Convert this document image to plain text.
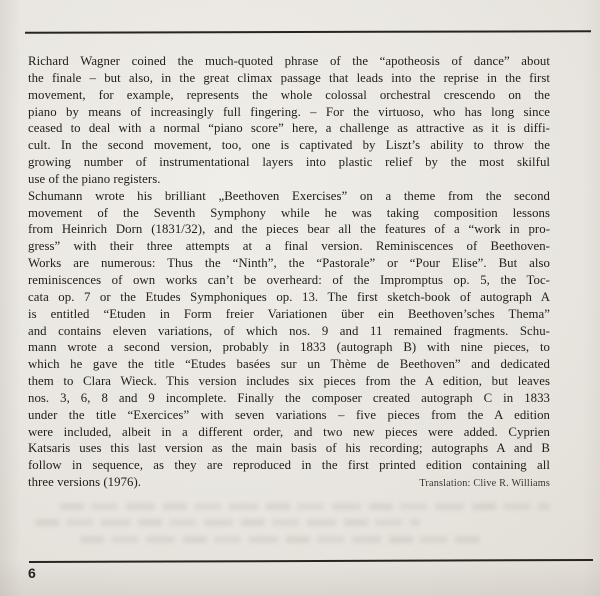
Richard Wagner coined the much-quoted phrase of the “apotheosis of dance” about
the finale – but also, in the great climax passage that leads into the reprise in the first
movement, for example, represents the whole colossal orchestral crescendo on the
piano by means of increasingly full fingering. – For the virtuoso, who has long since
ceased to deal with a normal “piano score” here, a challenge as attractive as it is diffi-
cult. In the second movement, too, one is captivated by Liszt’s ability to throw the
growing number of instrumentational layers into plastic relief by the most skilful
use of the piano registers.
Schumann wrote his brilliant „Beethoven Exercises” on a theme from the second
movement of the Seventh Symphony while he was taking composition lessons
from Heinrich Dorn (1831/32), and the pieces bear all the features of a “work in pro-
gress” with their three attempts at a final version. Reminiscences of Beethoven-
Works are numerous: Thus the “Ninth”, the “Pastorale” or “Pour Elise”. But also
reminiscences of own works can’t be overheard: of the Impromptus op. 5, the Toc-
cata op. 7 or the Etudes Symphoniques op. 13. The first sketch-book of autograph A
is entitled “Etuden in Form freier Variationen über ein Beethoven’sches Thema”
and contains eleven variations, of which nos. 9 and 11 remained fragments. Schu-
mann wrote a second version, probably in 1833 (autograph B) with nine pieces, to
which he gave the title “Etudes basées sur un Thème de Beethoven” and dedicated
them to Clara Wieck. This version includes six pieces from the A edition, but leaves
nos. 3, 6, 8 and 9 incomplete. Finally the composer created autograph C in 1833
under the title “Exercices” with seven variations – five pieces from the A edition
were included, albeit in a different order, and two new pieces were added. Cyprien
Katsaris uses this last version as the main basis of his recording; autographs A and B
follow in sequence, as they are reproduced in the first printed edition containing all
three versions (1976).	Translation: Clive R. Williams
6
